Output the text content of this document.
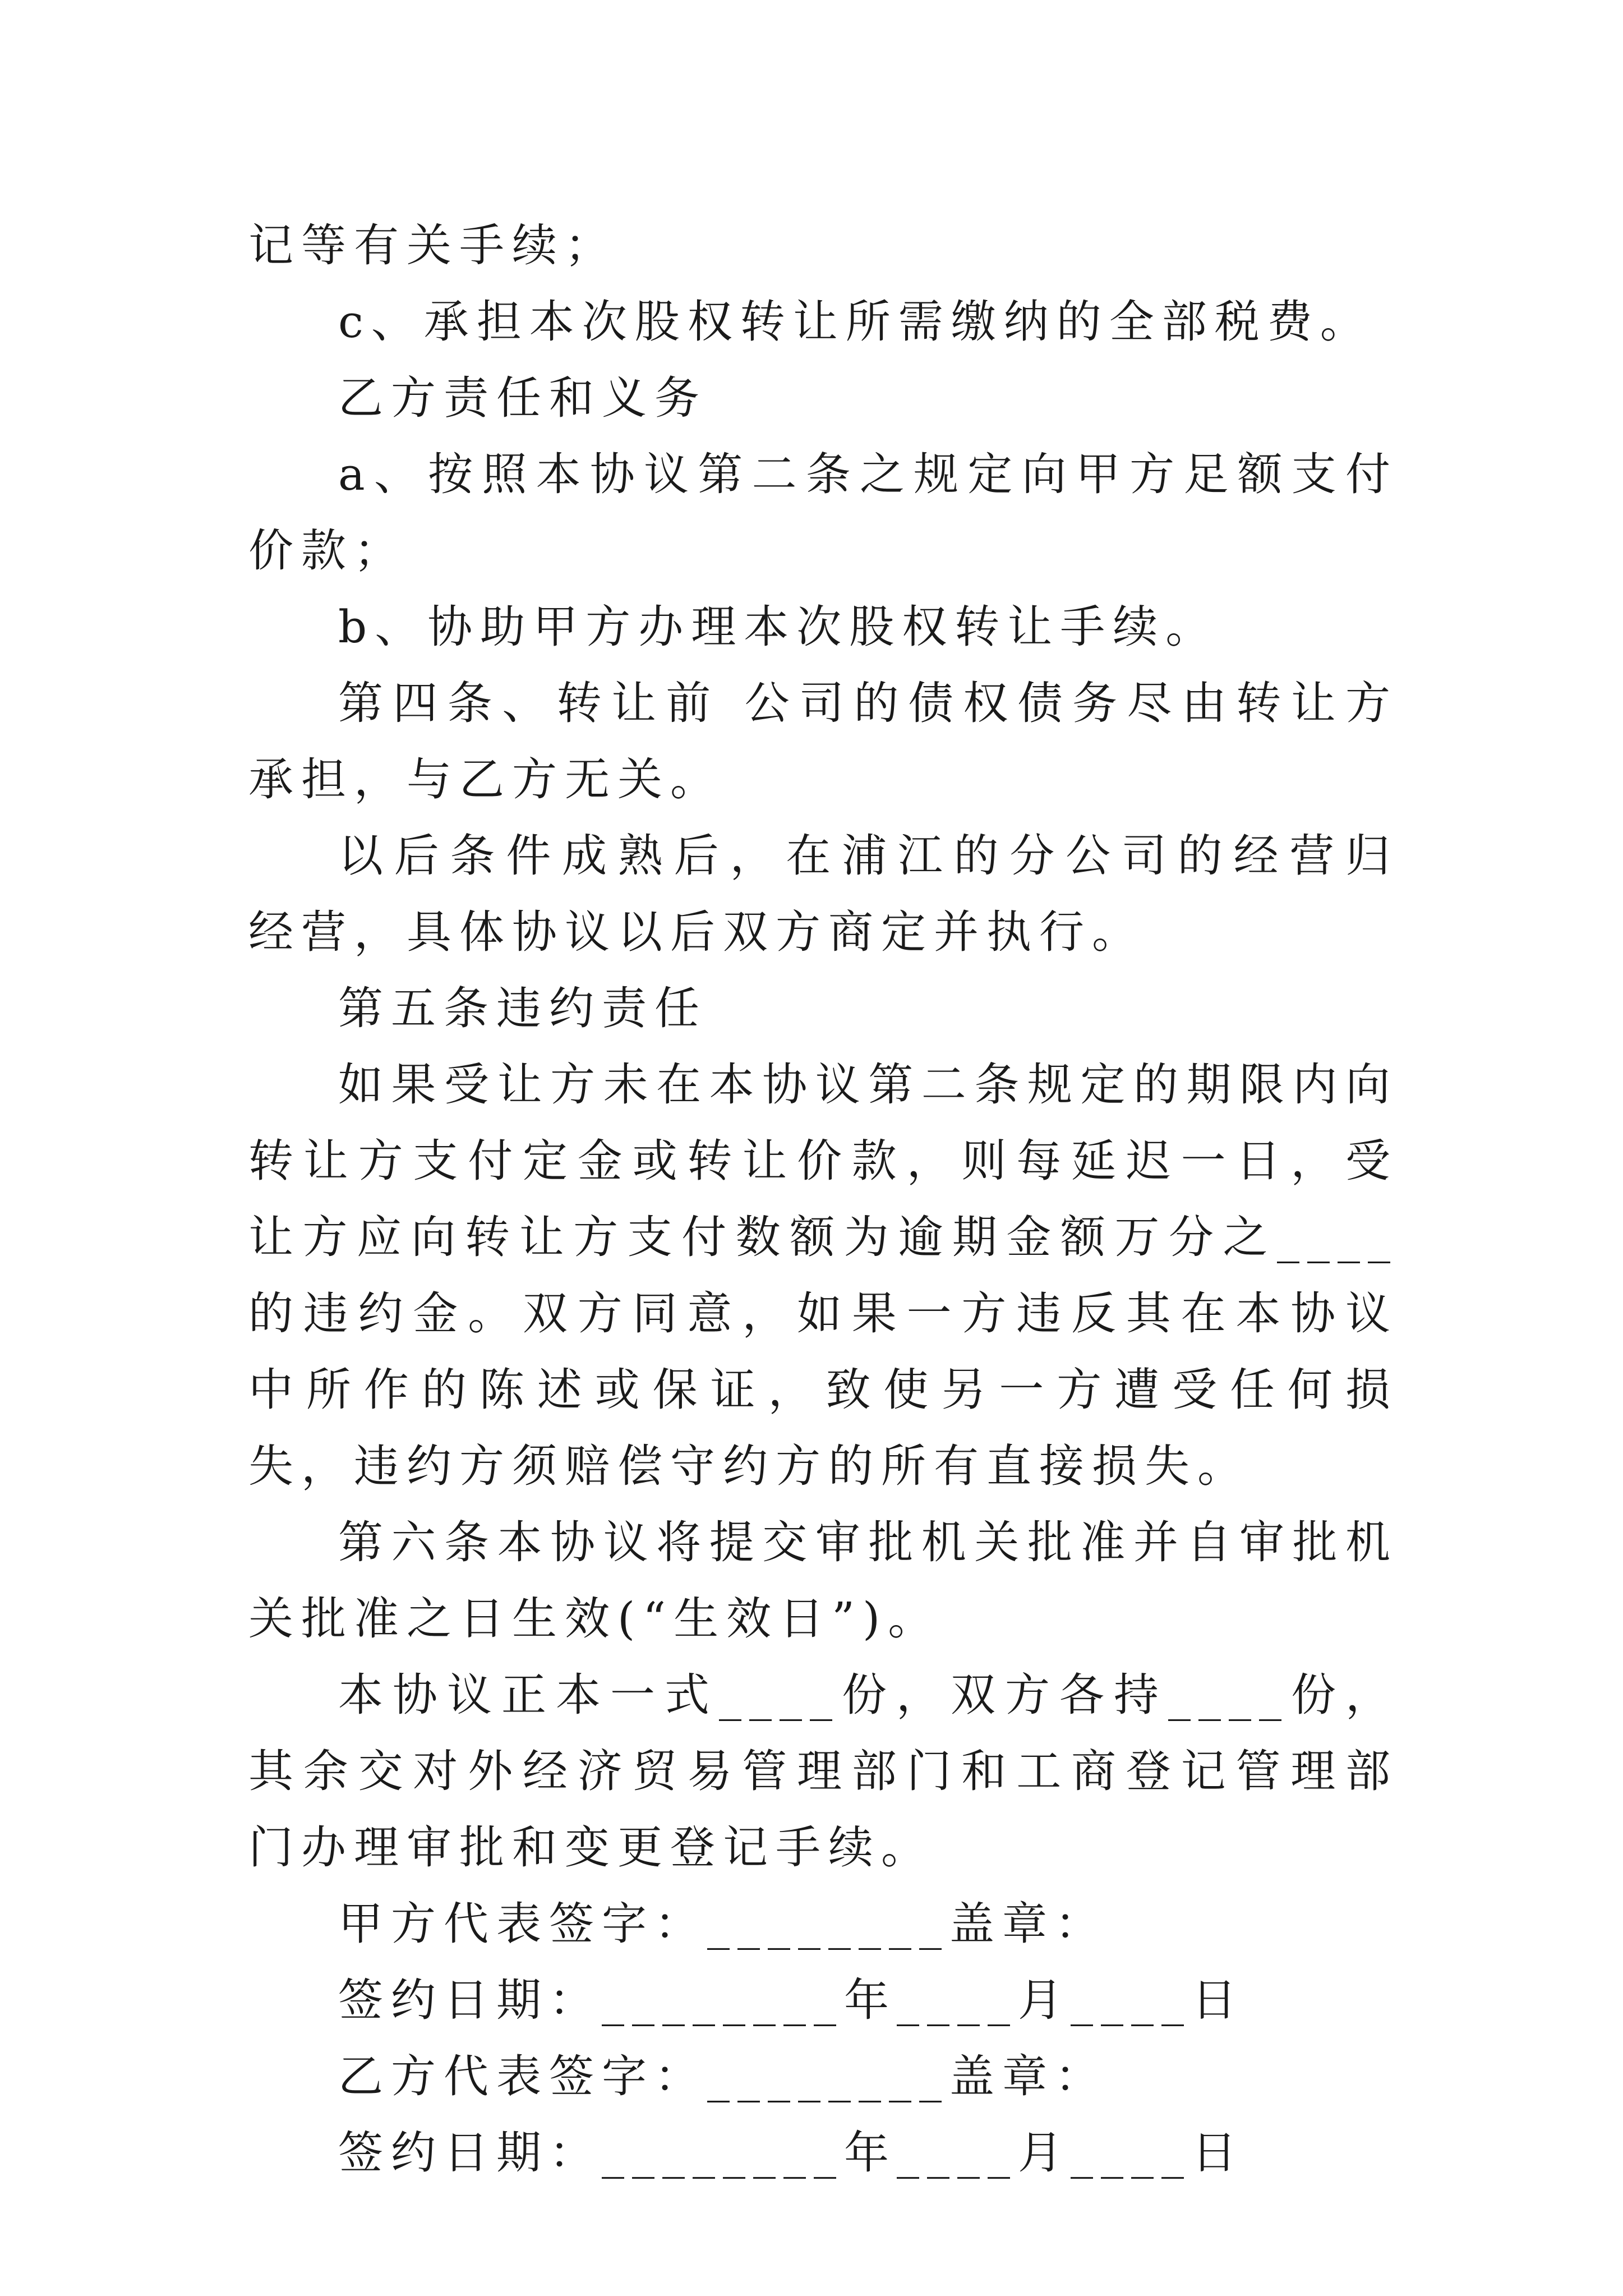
记等有关手续；

c、承担本次股权转让所需缴纳的全部税费。

乙方责任和义务

a、按照本协议第二条之规定向甲方足额支付价款；

b、协助甲方办理本次股权转让手续。

第四条、转让前 公司的债权债务尽由转让方承担，与乙方无关。

以后条件成熟后，在浦江的分公司的经营归 经营，具体协议以后双方商定并执行。

第五条违约责任

如果受让方未在本协议第二条规定的期限内向转让方支付定金或转让价款，则每延迟一日，受让方应向转让方支付数额为逾期金额万分之____的违约金。双方同意，如果一方违反其在本协议中所作的陈述或保证，致使另一方遭受任何损失，违约方须赔偿守约方的所有直接损失。

第六条本协议将提交审批机关批准并自审批机关批准之日生效(“生效日”)。

本协议正本一式____份，双方各持____份，其余交对外经济贸易管理部门和工商登记管理部门办理审批和变更登记手续。

甲方代表签字：________盖章：

签约日期：________年____月____日

乙方代表签字：________盖章：

签约日期：________年____月____日
